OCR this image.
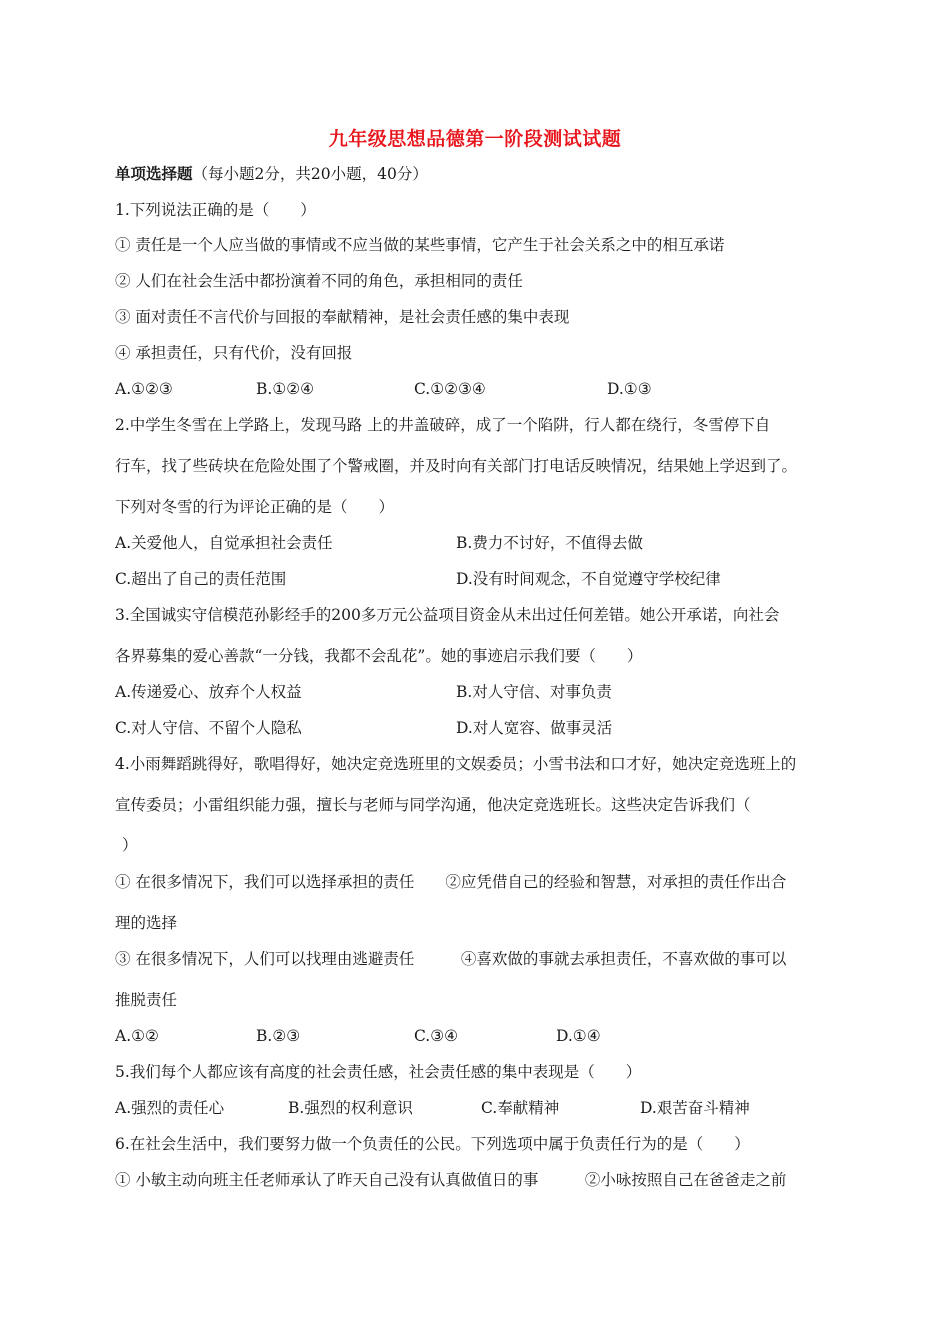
九年级思想品德第一阶段测试试题
单项选择题（每小题2分，共20小题，40分）
1.下列说法正确的是（　　）
① 责任是一个人应当做的事情或不应当做的某些事情，它产生于社会关系之中的相互承诺
② 人们在社会生活中都扮演着不同的角色，承担相同的责任
③ 面对责任不言代价与回报的奉献精神，是社会责任感的集中表现
④ 承担责任，只有代价，没有回报
A.①②③	B.①②④	C.①②③④	D.①③
2.中学生冬雪在上学路上，发现马路 上的井盖破碎，成了一个陷阱，行人都在绕行，冬雪停下自
行车，找了些砖块在危险处围了个警戒圈，并及时向有关部门打电话反映情况，结果她上学迟到了。
下列对冬雪的行为评论正确的是（　　）
A.关爱他人，自觉承担社会责任	B.费力不讨好，不值得去做
C.超出了自己的责任范围	D.没有时间观念，不自觉遵守学校纪律
3.全国诚实守信模范孙影经手的200多万元公益项目资金从未出过任何差错。她公开承诺，向社会
各界募集的爱心善款“一分钱，我都不会乱花”。她的事迹启示我们要（　　）
A.传递爱心、放弃个人权益	B.对人守信、对事负责
C.对人守信、不留个人隐私	D.对人宽容、做事灵活
4.小雨舞蹈跳得好，歌唱得好，她决定竞选班里的文娱委员；小雪书法和口才好，她决定竞选班上的
宣传委员；小雷组织能力强，擅长与老师与同学沟通，他决定竞选班长。这些决定告诉我们（
）
① 在很多情况下，我们可以选择承担的责任　　②应凭借自己的经验和智慧，对承担的责任作出合
理的选择
③ 在很多情况下，人们可以找理由逃避责任　　　④喜欢做的事就去承担责任，不喜欢做的事可以
推脱责任
A.①②	B.②③	C.③④	D.①④
5.我们每个人都应该有高度的社会责任感，社会责任感的集中表现是（　　）
A.强烈的责任心	B.强烈的权利意识	C.奉献精神	D.艰苦奋斗精神
6.在社会生活中，我们要努力做一个负责任的公民。下列选项中属于负责任行为的是（　　）
① 小敏主动向班主任老师承认了昨天自己没有认真做值日的事　　　②小咏按照自己在爸爸走之前
